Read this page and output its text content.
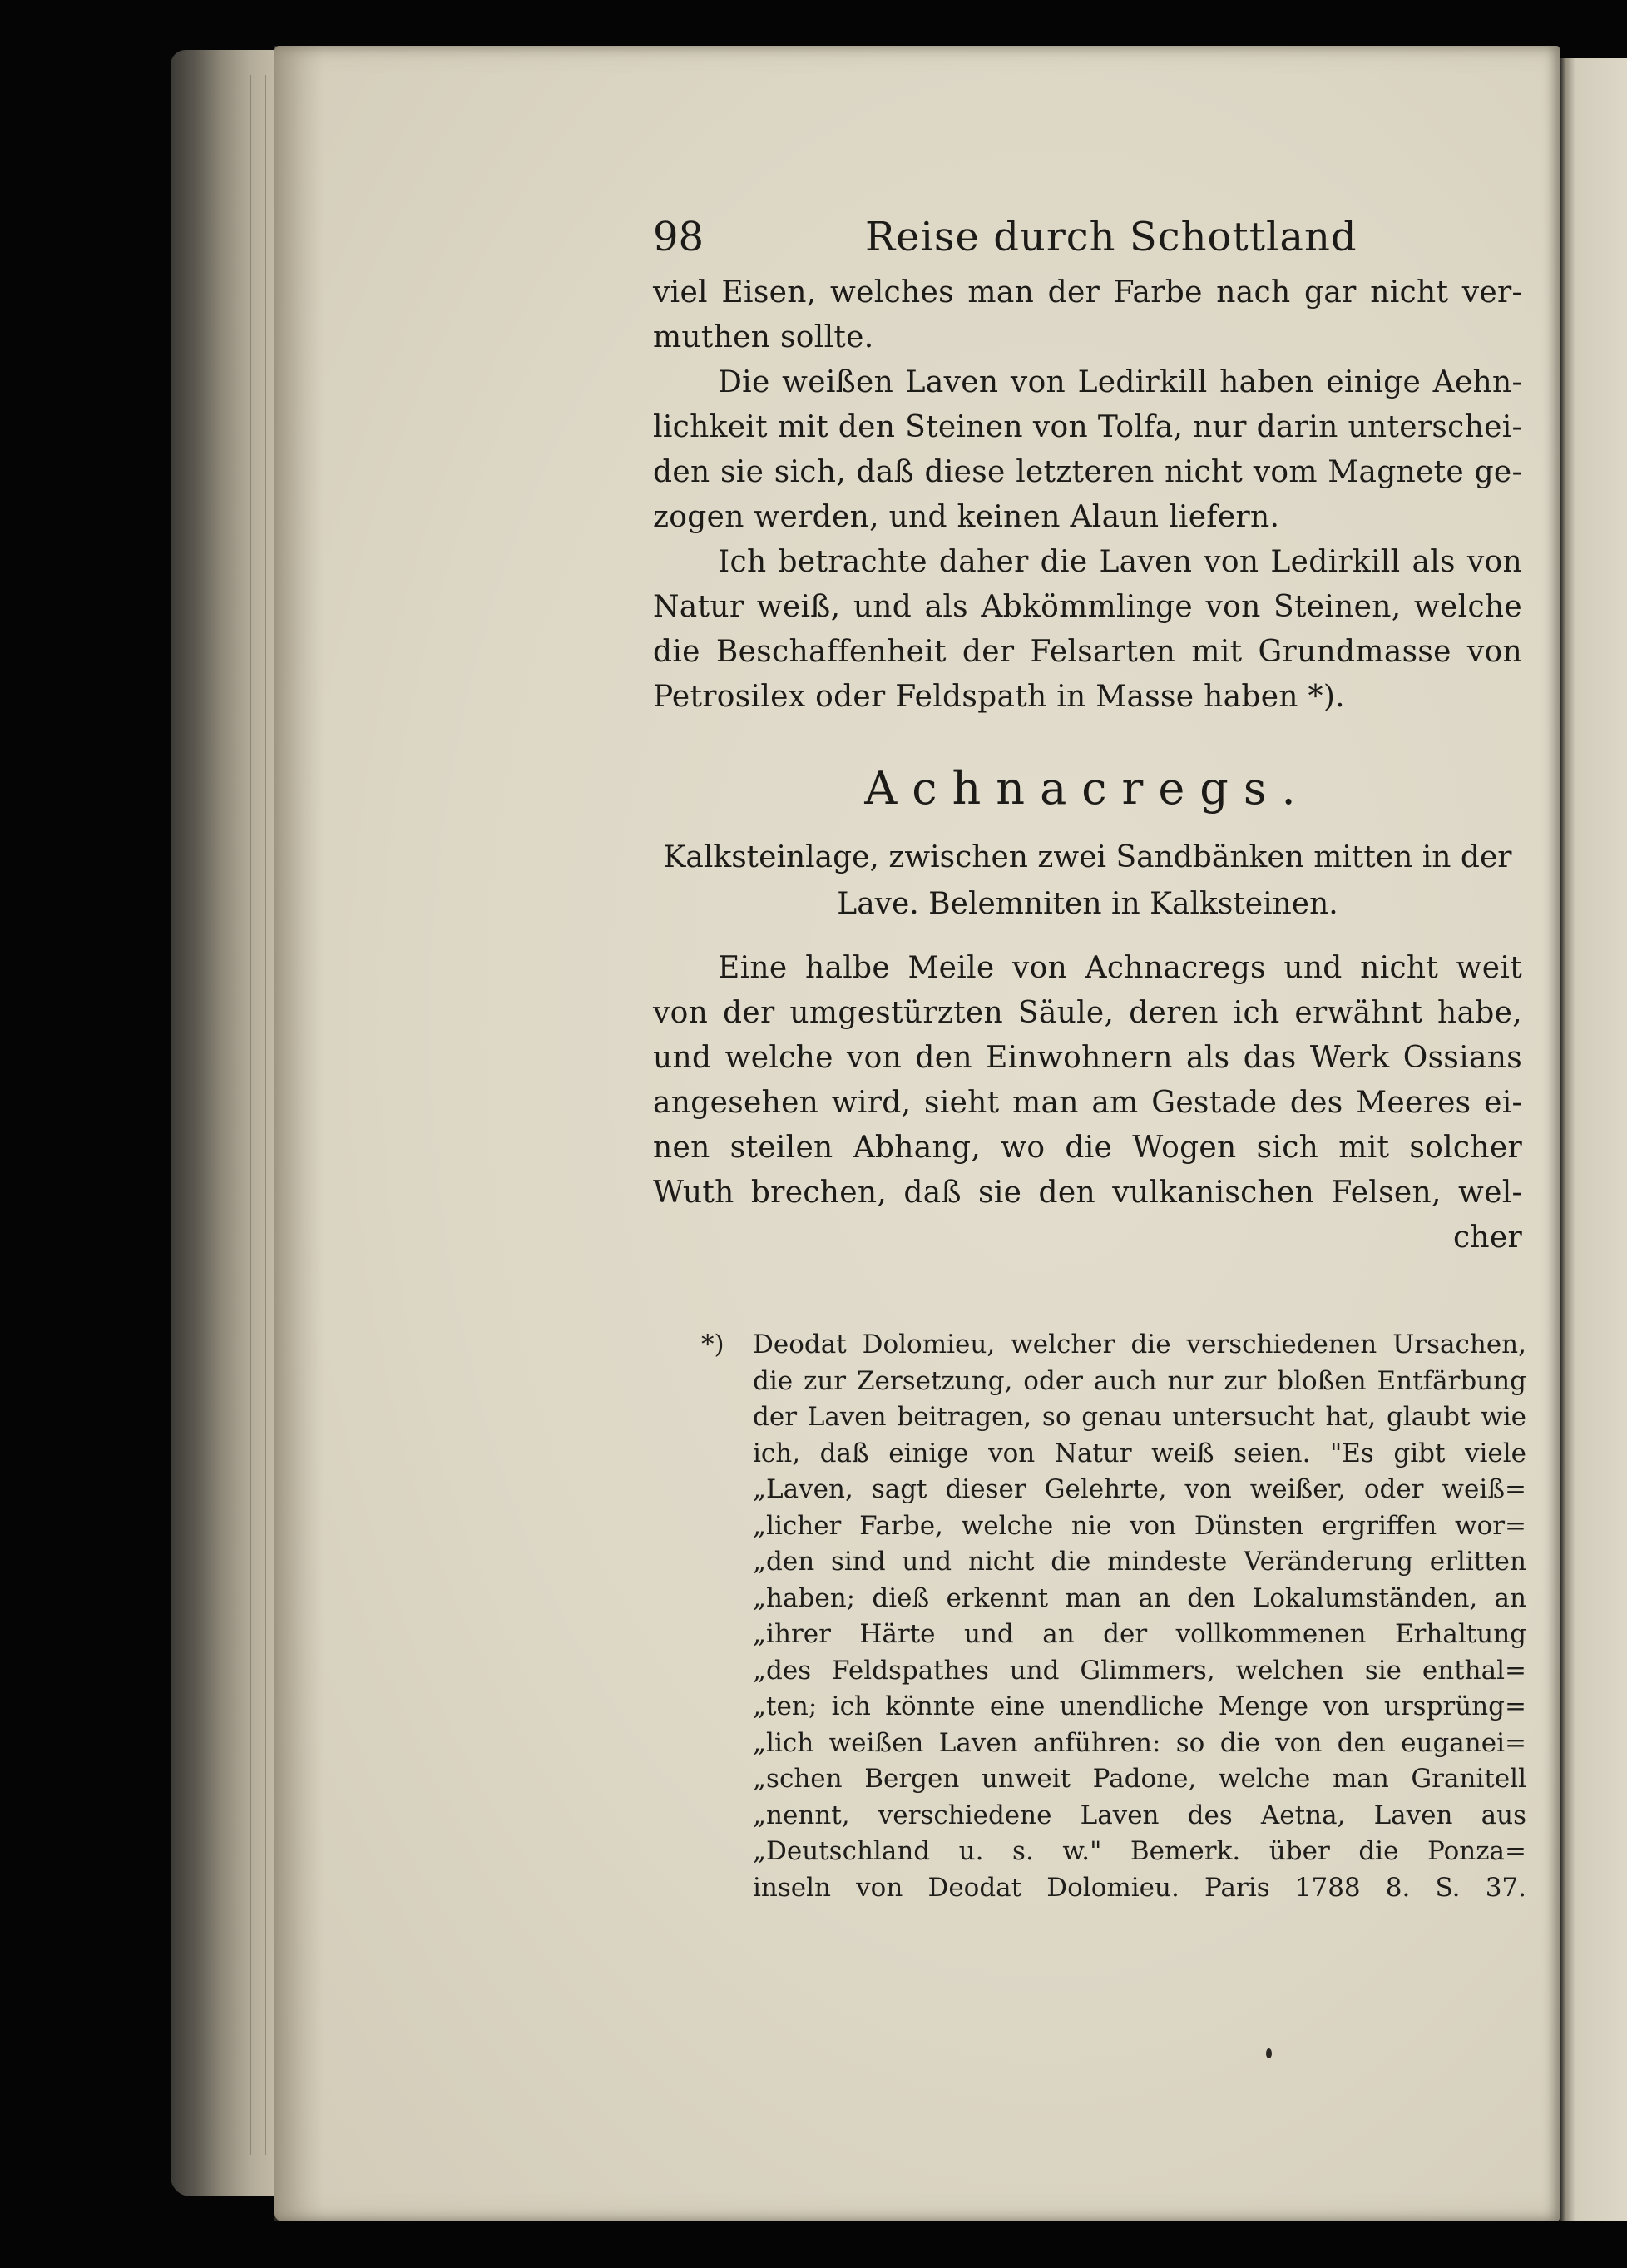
98	Reise durch Schottland

viel Eisen, welches man der Farbe nach gar nicht ver-
muthen sollte.

Die weißen Laven von Ledirkill haben einige Aehn-
lichkeit mit den Steinen von Tolfa, nur darin unterschei-
den sie sich, daß diese letzteren nicht vom Magnete ge-
zogen werden, und keinen Alaun liefern.

Ich betrachte daher die Laven von Ledirkill als von
Natur weiß, und als Abkömmlinge von Steinen, welche
die Beschaffenheit der Felsarten mit Grundmasse von
Petrosilex oder Feldspath in Masse haben *).

Achnacregs.
Kalksteinlage, zwischen zwei Sandbänken mitten in der
Lave. Belemniten in Kalksteinen.
Eine halbe Meile von Achnacregs und nicht weit
von der umgestürzten Säule, deren ich erwähnt habe,
und welche von den Einwohnern als das Werk Ossians
angesehen wird, sieht man am Gestade des Meeres ei-
nen steilen Abhang, wo die Wogen sich mit solcher
Wuth brechen, daß sie den vulkanischen Felsen, wel-
cher
*) Deodat Dolomieu, welcher die verschiedenen Ursachen,
die zur Zersetzung, oder auch nur zur bloßen Entfärbung
der Laven beitragen, so genau untersucht hat, glaubt wie
ich, daß einige von Natur weiß seien. "Es gibt viele
„Laven, sagt dieser Gelehrte, von weißer, oder weiß=
„licher Farbe, welche nie von Dünsten ergriffen wor=
„den sind und nicht die mindeste Veränderung erlitten
„haben; dieß erkennt man an den Lokalumständen, an
„ihrer Härte und an der vollkommenen Erhaltung
„des Feldspathes und Glimmers, welchen sie enthal=
„ten; ich könnte eine unendliche Menge von ursprüng=
„lich weißen Laven anführen: so die von den euganei=
„schen Bergen unweit Padone, welche man Granitell
„nennt, verschiedene Laven des Aetna, Laven aus
„Deutschland u. s. w." Bemerk. über die Ponza=
inseln von Deodat Dolomieu. Paris 1788 8. S. 37.
